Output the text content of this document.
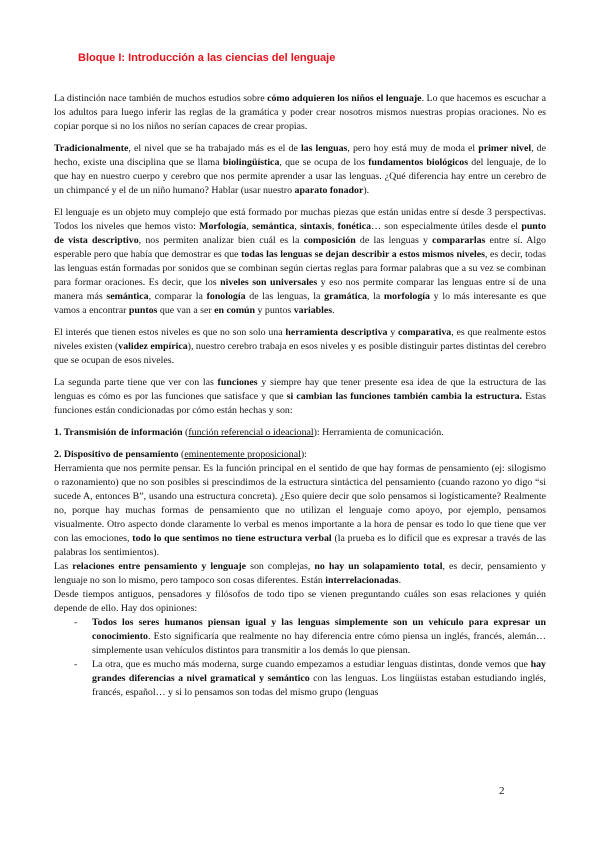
Bloque I: Introducción a las ciencias del lenguaje

La distinción nace también de muchos estudios sobre cómo adquieren los niños el lenguaje. Lo que hacemos es escuchar a los adultos para luego inferir las reglas de la gramática y poder crear nosotros mismos nuestras propias oraciones. No es copiar porque si no los niños no serían capaces de crear propias.

Tradicionalmente, el nivel que se ha trabajado más es el de las lenguas, pero hoy está muy de moda el primer nivel, de hecho, existe una disciplina que se llama biolingüística, que se ocupa de los fundamentos biológicos del lenguaje, de lo que hay en nuestro cuerpo y cerebro que nos permite aprender a usar las lenguas. ¿Qué diferencia hay entre un cerebro de un chimpancé y el de un niño humano? Hablar (usar nuestro aparato fonador).

El lenguaje es un objeto muy complejo que está formado por muchas piezas que están unidas entre sí desde 3 perspectivas. Todos los niveles que hemos visto: Morfología, semántica, sintaxis, fonética… son especialmente útiles desde el punto de vista descriptivo, nos permiten analizar bien cuál es la composición de las lenguas y compararlas entre sí. Algo esperable pero que había que demostrar es que todas las lenguas se dejan describir a estos mismos niveles, es decir, todas las lenguas están formadas por sonidos que se combinan según ciertas reglas para formar palabras que a su vez se combinan para formar oraciones. Es decir, que los niveles son universales y eso nos permite comparar las lenguas entre sí de una manera más semántica, comparar la fonología de las lenguas, la gramática, la morfología y lo más interesante es que vamos a encontrar puntos que van a ser en común y puntos variables.

El interés que tienen estos niveles es que no son solo una herramienta descriptiva y comparativa, es que realmente estos niveles existen (validez empírica), nuestro cerebro trabaja en esos niveles y es posible distinguir partes distintas del cerebro que se ocupan de esos niveles.

La segunda parte tiene que ver con las funciones y siempre hay que tener presente esa idea de que la estructura de las lenguas es cómo es por las funciones que satisface y que si cambian las funciones también cambia la estructura. Estas funciones están condicionadas por cómo están hechas y son:

1. Transmisión de información (función referencial o ideacional): Herramienta de comunicación.

2. Dispositivo de pensamiento (eminentemente proposicional):

Herramienta que nos permite pensar. Es la función principal en el sentido de que hay formas de pensamiento (ej: silogismo o razonamiento) que no son posibles si prescindimos de la estructura sintáctica del pensamiento (cuando razono yo digo “si sucede A, entonces B”, usando una estructura concreta). ¿Eso quiere decir que solo pensamos si logísticamente? Realmente no, porque hay muchas formas de pensamiento que no utilizan el lenguaje como apoyo, por ejemplo, pensamos visualmente. Otro aspecto donde claramente lo verbal es menos importante a la hora de pensar es todo lo que tiene que ver con las emociones, todo lo que sentimos no tiene estructura verbal (la prueba es lo difícil que es expresar a través de las palabras los sentimientos).

Las relaciones entre pensamiento y lenguaje son complejas, no hay un solapamiento total, es decir, pensamiento y lenguaje no son lo mismo, pero tampoco son cosas diferentes. Están interrelacionadas.

Desde tiempos antiguos, pensadores y filósofos de todo tipo se vienen preguntando cuáles son esas relaciones y quién depende de ello. Hay dos opiniones:

- Todos los seres humanos piensan igual y las lenguas simplemente son un vehículo para expresar un conocimiento. Esto significaría que realmente no hay diferencia entre cómo piensa un inglés, francés, alemán… simplemente usan vehículos distintos para transmitir a los demás lo que piensan.
- La otra, que es mucho más moderna, surge cuando empezamos a estudiar lenguas distintas, donde vemos que hay grandes diferencias a nivel gramatical y semántico con las lenguas. Los lingüistas estaban estudiando inglés, francés, español… y si lo pensamos son todas del mismo grupo (lenguas
2
